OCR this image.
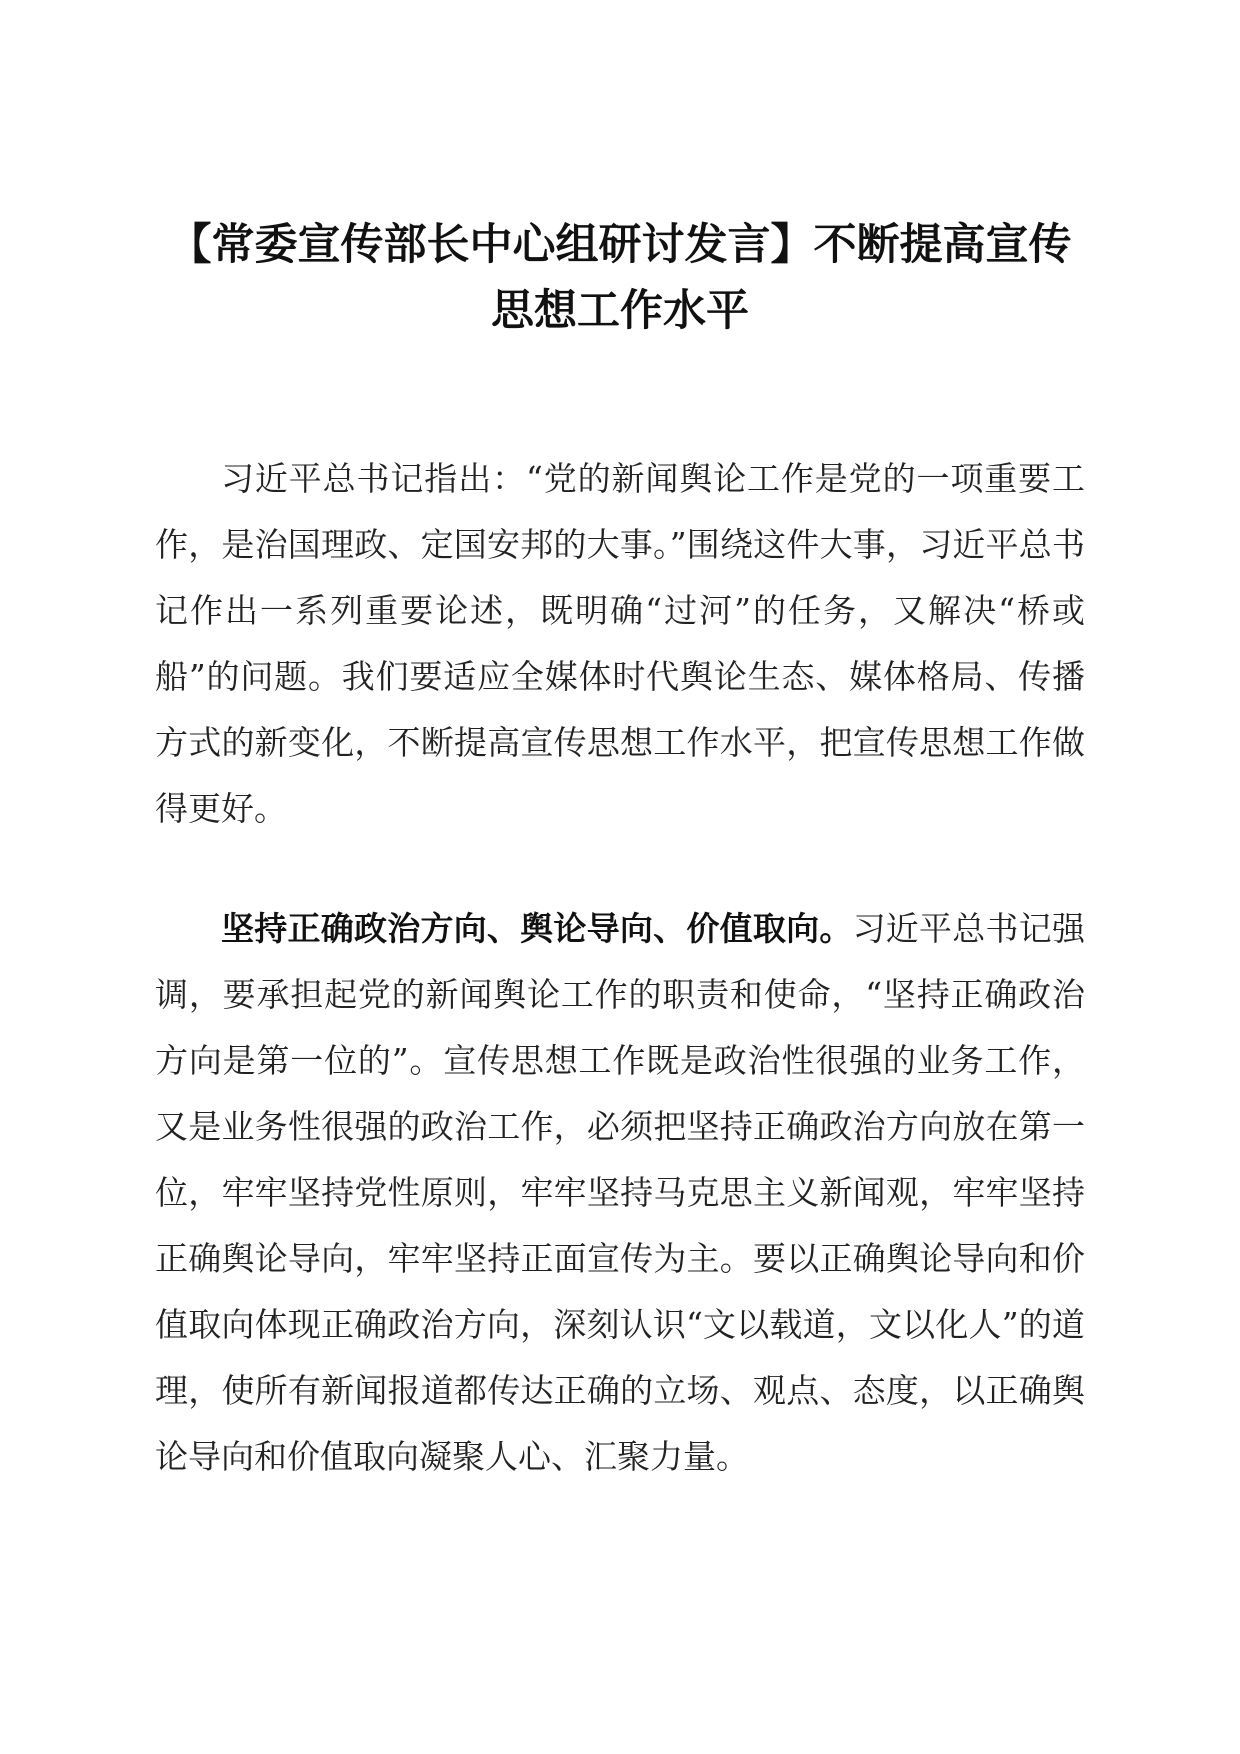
【常委宣传部长中心组研讨发言】不断提高宣传思想工作水平

习近平总书记指出：“党的新闻舆论工作是党的一项重要工作，是治国理政、定国安邦的大事。”围绕这件大事，习近平总书记作出一系列重要论述，既明确“过河”的任务，又解决“桥或船”的问题。我们要适应全媒体时代舆论生态、媒体格局、传播方式的新变化，不断提高宣传思想工作水平，把宣传思想工作做得更好。

坚持正确政治方向、舆论导向、价值取向。习近平总书记强调，要承担起党的新闻舆论工作的职责和使命，“坚持正确政治方向是第一位的”。宣传思想工作既是政治性很强的业务工作，又是业务性很强的政治工作，必须把坚持正确政治方向放在第一位，牢牢坚持党性原则，牢牢坚持马克思主义新闻观，牢牢坚持正确舆论导向，牢牢坚持正面宣传为主。要以正确舆论导向和价值取向体现正确政治方向，深刻认识“文以载道，文以化人”的道理，使所有新闻报道都传达正确的立场、观点、态度，以正确舆论导向和价值取向凝聚人心、汇聚力量。
